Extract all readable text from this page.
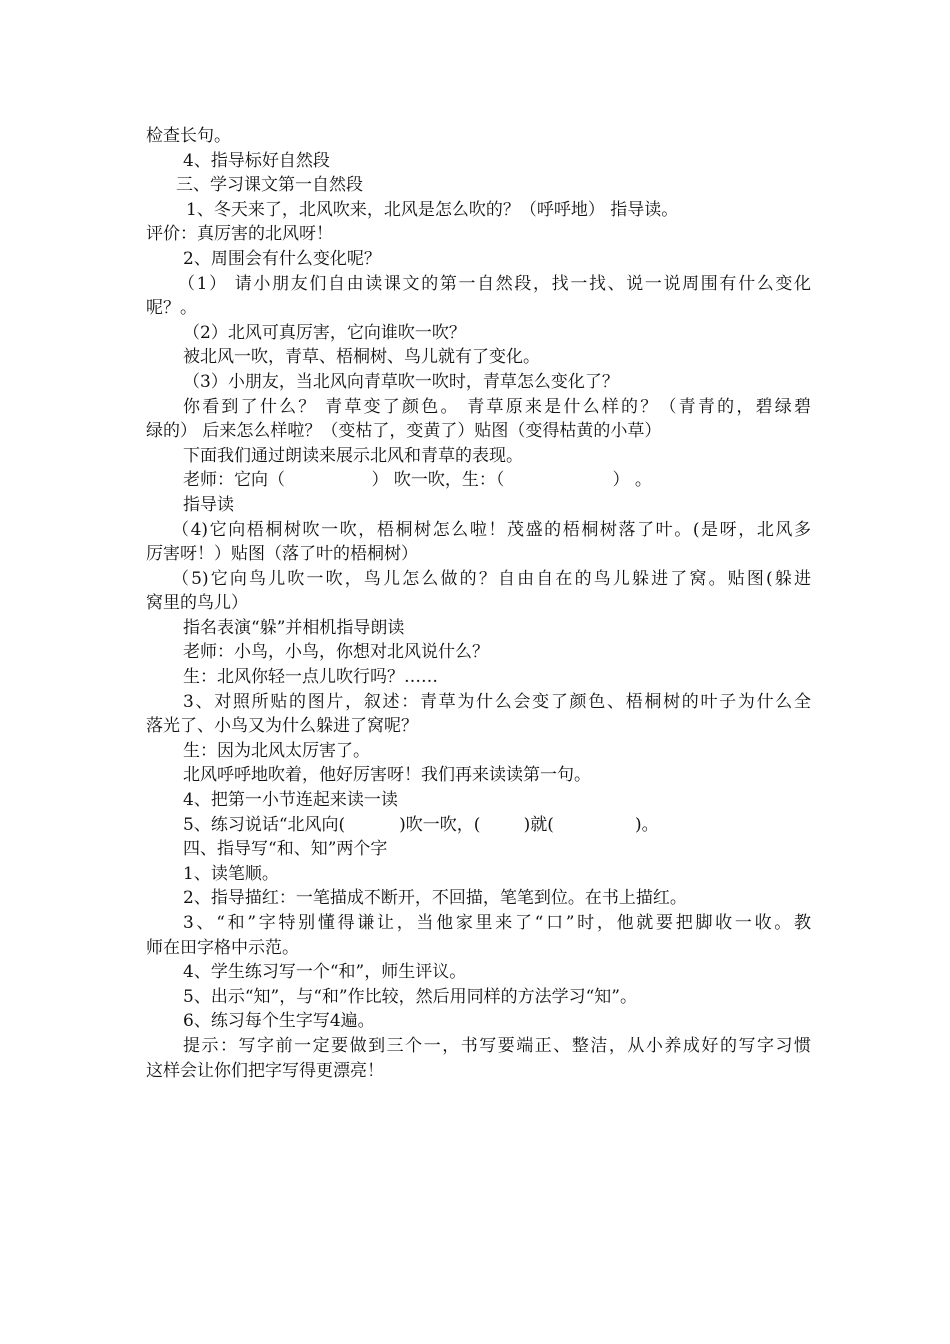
检查长句。

4、指导标好自然段

三、学习课文第一自然段

1、冬天来了，北风吹来，北风是怎么吹的？（呼呼地） 指导读。

评价：真厉害的北风呀！

2、周围会有什么变化呢？

（1） 请小朋友们自由读课文的第一自然段，找一找、说一说周围有什么变化

呢？。

（2）北风可真厉害，它向谁吹一吹？

被北风一吹，青草、梧桐树、鸟儿就有了变化。

（3）小朋友，当北风向青草吹一吹时，青草怎么变化了？

你看到了什么？ 青草变了颜色。 青草原来是什么样的？（青青的，碧绿碧

绿的） 后来怎么样啦？（变枯了，变黄了）贴图（变得枯黄的小草）

下面我们通过朗读来展示北风和青草的表现。

老师：它向（                ） 吹一吹，生：（                    ） 。

指导读

（4)它向梧桐树吹一吹，梧桐树怎么啦！茂盛的梧桐树落了叶。(是呀，北风多

厉害呀！）贴图（落了叶的梧桐树）

（5)它向鸟儿吹一吹，鸟儿怎么做的？自由自在的鸟儿躲进了窝。贴图(躲进

窝里的鸟儿）

指名表演“躲”并相机指导朗读

老师：小鸟，小鸟，你想对北风说什么？

生：北风你轻一点儿吹行吗？……

3、对照所贴的图片，叙述：青草为什么会变了颜色、梧桐树的叶子为什么全

落光了、小鸟又为什么躲进了窝呢？

生：因为北风太厉害了。

北风呼呼地吹着，他好厉害呀！我们再来读读第一句。

4、把第一小节连起来读一读

5、练习说话“北风向(          )吹一吹，(        )就(               )。

四、指导写“和、知”两个字

1、读笔顺。

2、指导描红：一笔描成不断开，不回描，笔笔到位。在书上描红。

3、“和”字特别懂得谦让，当他家里来了“口”时，他就要把脚收一收。教

师在田字格中示范。

4、学生练习写一个“和”，师生评议。

5、出示“知”，与“和”作比较，然后用同样的方法学习“知”。

6、练习每个生字写4遍。

提示：写字前一定要做到三个一，书写要端正、整洁，从小养成好的写字习惯

这样会让你们把字写得更漂亮！
